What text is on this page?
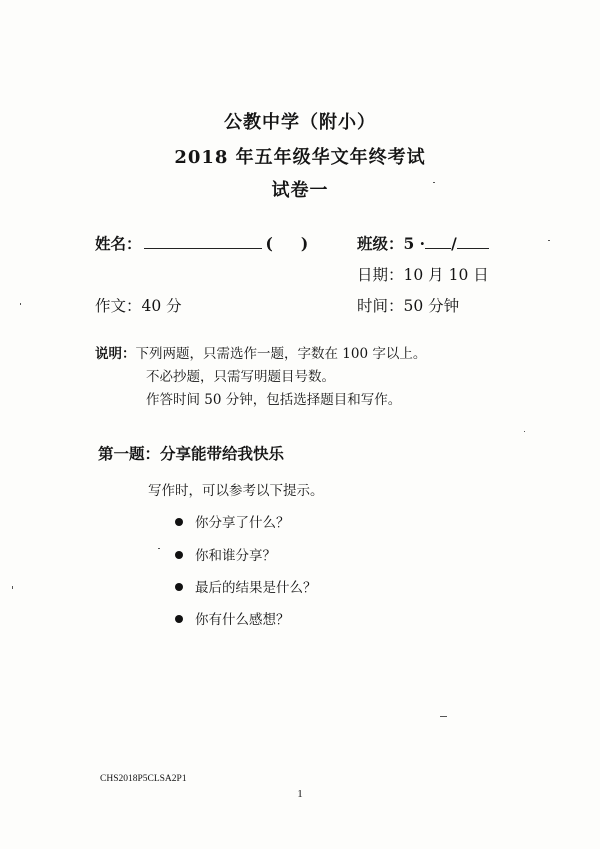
公教中学（附小）
2018 年五年级华文年终考试
试卷一
姓名：	( )	班级：5 · /
日期：10 月 10 日
作文：40 分	时间：50 分钟
说明：下列两题，只需选作一题，字数在 100 字以上。
不必抄题，只需写明题目号数。
作答时间 50 分钟，包括选择题目和写作。
第一题：分享能带给我快乐
写作时，可以参考以下提示。
你分享了什么？
你和谁分享？
最后的结果是什么？
你有什么感想？
CHS2018P5CLSA2P1
1
